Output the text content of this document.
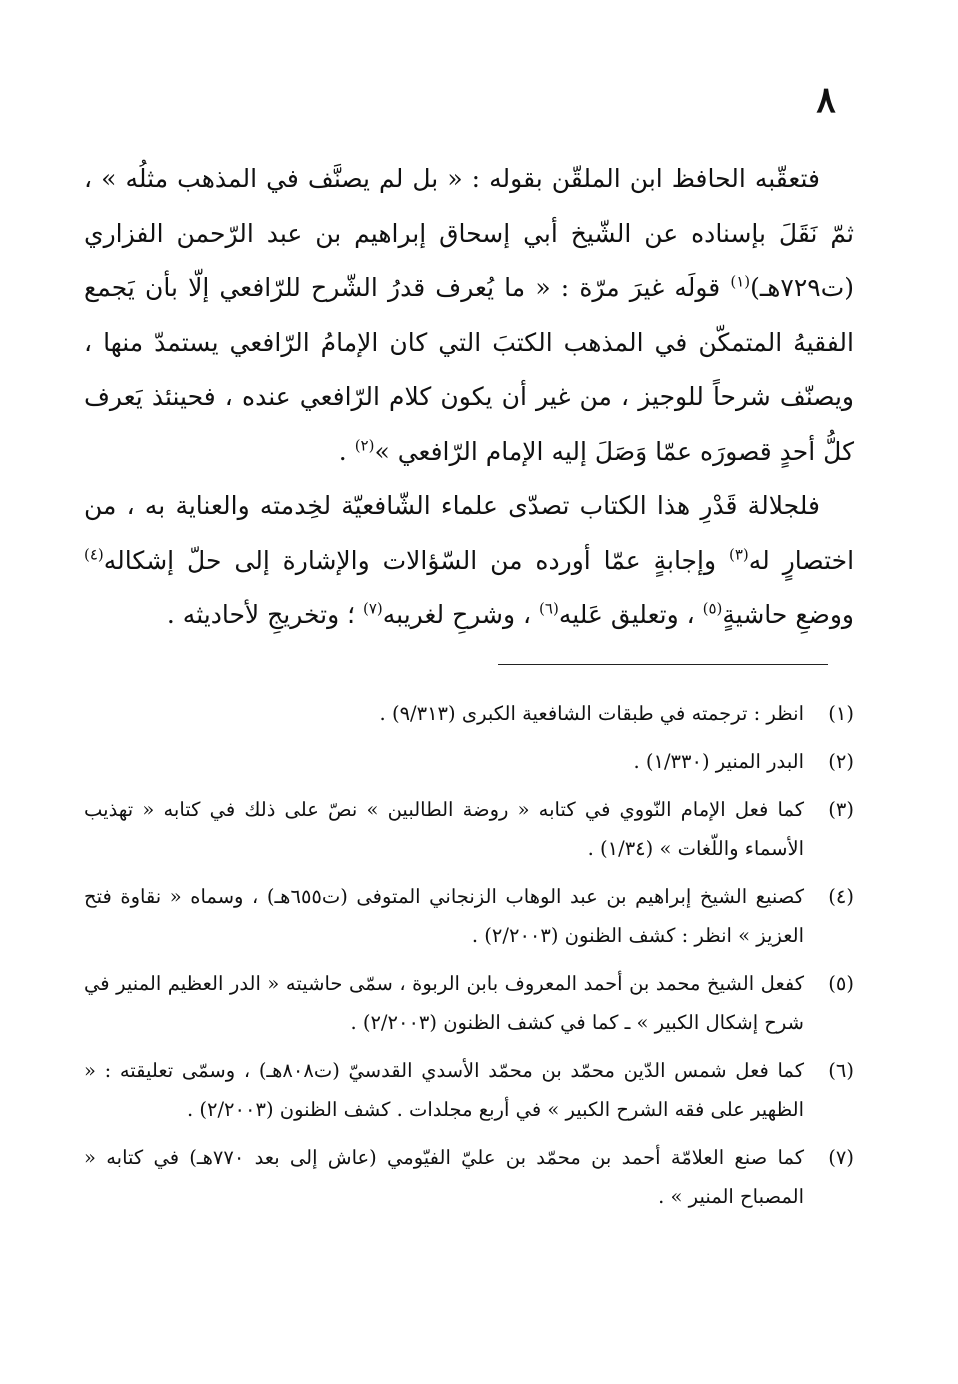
٨

فتعقّبه الحافظ ابن الملقّن بقوله : « بل لم يصنَّف في المذهب مثلُه » ، ثمّ نَقَلَ بإسناده عن الشّيخ أبي إسحاق إبراهيم بن عبد الرّحمن الفزاري (ت٧٢٩هـ)$^{(١)}$ قولَه غيرَ مرّة : « ما يُعرف قدرُ الشّرح للرّافعي إلّا بأن يَجمع الفقيهُ المتمكّن في المذهب الكتبَ التي كان الإمامُ الرّافعي يستمدّ منها ، ويصنّف شرحاً للوجيز ، من غير أن يكون كلام الرّافعي عنده ، فحينئذ يَعرف كلُّ أحدٍ قصورَه عمّا وَصَلَ إليه الإمام الرّافعي »$^{(٢)}$ .

فلجلالة قَدْرِ هذا الكتاب تصدّى علماء الشّافعيّة لخِدمته والعناية به ، من اختصارٍ له$^{(٣)}$ وإجابةٍ عمّا أورده من السّؤالات والإشارة إلى حلّ إشكاله$^{(٤)}$ ووضعِ حاشيةٍ$^{(٥)}$ ، وتعليق عَليه$^{(٦)}$ ، وشرحِ لغريبه$^{(٧)}$ ؛ وتخريجِ لأحاديثه .

(١)
انظر : ترجمته في طبقات الشافعية الكبرى (٩/٣١٣) .
(٢)
البدر المنير (١/٣٣٠) .
(٣)
كما فعل الإمام النّووي في كتابه « روضة الطالبين » نصّ على ذلك في كتابه « تهذيب الأسماء واللّغات » (١/٣٤) .
(٤)
كصنيع الشيخ إبراهيم بن عبد الوهاب الزنجاني المتوفى (ت٦٥٥هـ) ، وسماه « نقاوة فتح العزيز » انظر : كشف الظنون (٢/٢٠٠٣) .
(٥)
كفعل الشيخ محمد بن أحمد المعروف بابن الربوة ، سمّى حاشيته « الدر العظيم المنير في شرح إشكال الكبير » ـ كما في كشف الظنون (٢/٢٠٠٣) .
(٦)
كما فعل شمس الدّين محمّد بن محمّد الأسدي القدسيّ (ت٨٠٨هـ) ، وسمّى تعليقته : « الظهير على فقه الشرح الكبير » في أربع مجلدات . كشف الظنون (٢/٢٠٠٣) .
(٧)
كما صنع العلامّة أحمد بن محمّد بن عليّ الفيّومي (عاش إلى بعد ٧٧٠هـ) في كتابه « المصباح المنير » .
